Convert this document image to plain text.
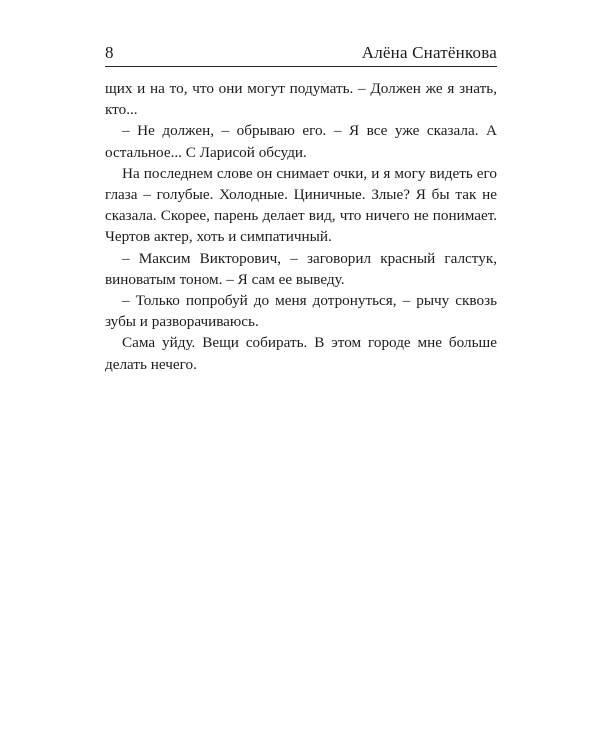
8	Алёна Снатёнкова

щих и на то, что они могут подумать. – Должен же я знать, кто...

– Не должен, – обрываю его. – Я все уже сказала. А остальное... С Ларисой обсуди.

На последнем слове он снимает очки, и я могу видеть его глаза – голубые. Холодные. Циничные. Злые? Я бы так не сказала. Скорее, парень делает вид, что ничего не понимает. Чертов актер, хоть и симпатичный.

– Максим Викторович, – заговорил красный галстук, виноватым тоном. – Я сам ее выведу.

– Только попробуй до меня дотронуться, – рычу сквозь зубы и разворачиваюсь.

Сама уйду. Вещи собирать. В этом городе мне больше делать нечего.
